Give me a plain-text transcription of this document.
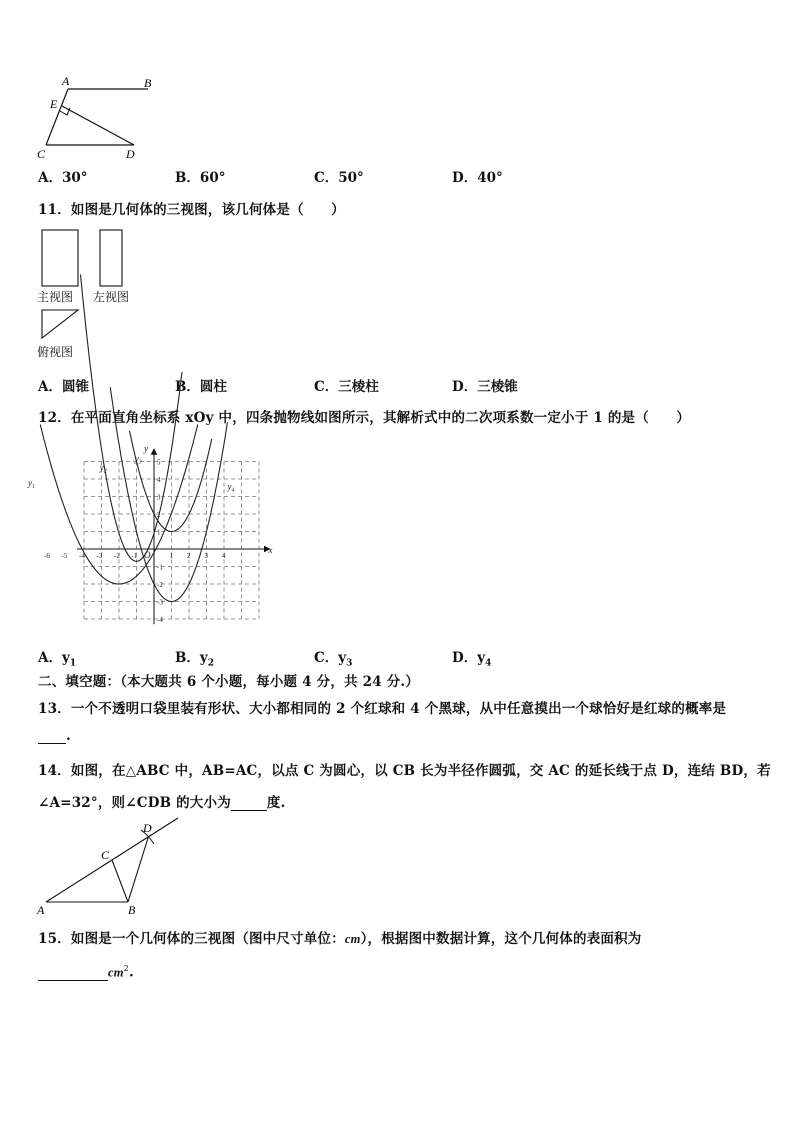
A	B
E
C	D
A．30°	B．60°	C．50°	D．40°
11．如图是几何体的三视图，该几何体是（　　）
主视图 左视图
俯视图
A．圆锥	B．圆柱	C．三棱柱	D．三棱锥
12．在平面直角坐标系 xOy 中，四条抛物线如图所示，其解析式中的二次项系数一定小于 1 的是（　　）
-6 -5 -4 -3 -2 -1	1 2 3 4
5
4
3
2
1
-1
-2
-3
-4
x
y
O
$y_1$
$y_2$
$y_3$
$y_4$
A．$y_1$	B．$y_2$	C．$y_3$	D．$y_4$
二、填空题：（本大题共 6 个小题，每小题 4 分，共 24 分.）
13．一个不透明口袋里装有形状、大小都相同的 2 个红球和 4 个黑球，从中任意摸出一个球恰好是红球的概率是
.
14．如图，在△ABC 中，AB=AC，以点 C 为圆心，以 CB 长为半径作圆弧，交 AC 的延长线于点 D，连结 BD，若
∠A=32°，则∠CDB 的大小为	度.
C
D
A	B
15．如图是一个几何体的三视图（图中尺寸单位：cm），根据图中数据计算，这个几何体的表面积为
$cm^2$.
